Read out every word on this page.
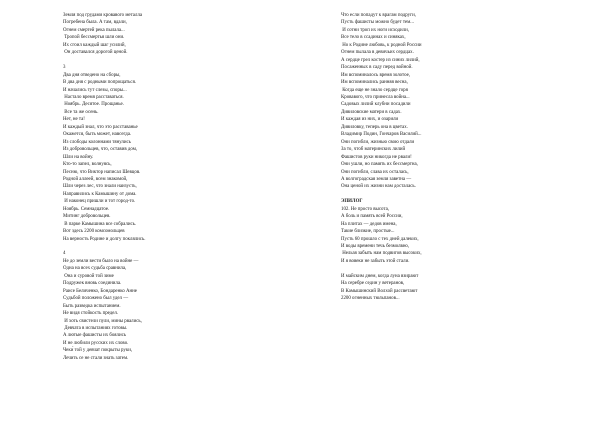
Земля под грудами кровавого металла
Погребена была. А там, вдали,
Огнем смертей река пылала...
Тропой бессмертья шли они.
Их сгоил каждый шаг усилий,
Он доставался дорогой ценой.
3
Два дня отведено на сборы,
В два дня с родными попрощаться.
И начались тут слезы, споры...
Настало время расставаться.
Ноябрь. Десятое. Прощанье.
Все та же осень.
Нет, не та!
И каждый знал, что это расставанье
Окажется, быть может, навсегда.
Из слободы колоннами тянулись
Из добровольцев, что, оставив дом,
Шли на войну.
Кто-то запел, волнуясь,
Песню, что Виктор написал Шевцов.
Родной аллеей, всем знакомой,
Шли через лес, что знали наизусть,
Направились к Камышину от дома.
И наконец пришли и тот город-то.
Ноябрь. Семнадцатое.
Митинг добровольцев.
В парке Камышина все собрались.
Вот здесь 2200 комсомольцев
На верность Родине и долгу поклялись.
4
Не до земли вести было на войне —
Одна на всех судьба сравнила,
Она и суровой той зиме
Подружек вновь соединила.
Раисе Беличенко, Бондаренко Анне
Судьбой положено был удел —
Быть разведка испытанием.
Не видя стойкость предел.
И хоть свистели пули, мины рвались,
Девчата в испытаниях готовы.
А лютые фашисты их боялись
И не любили русских их слово.
Чеки́ той у девчат покрыты руки,
Лечить се не стали знать затем.
Что если попадут к врагам подруги,
Пусть фашисты можно будет тем...
И сотни троп их ноги исходили,
Все тело в ссадинах и синяках,
Но к Родине любовь, к родной России
Огнем пылала в девичьих сердцах.
А сердце грел костер из синих лилий,
Посаженных в саду перед войной.
Им вспоминалось время золотое,
Им вспоминались ранняя весна,
Когда еще не знало сердце горя
Кровавого, что принесла война...
Садовых лилий клубни посадили
Дивиловские матери в садах.
И каждая из них, и озарили
Дивиловку, теперь она в цветах.
Владимир Подин, Гончаров Василий...
Они погибли, жизнью свою отдали
За то, чтоб материнских лилий
Фашистов руки никогда не рвали!
Они ушли, но память их бессмертна,
Они погибли, слава их осталась,
А волгоградская земля заветна —
Она ценой их жизни нам досталась.
ЭПИЛОГ
102. Не просто высота,
А боль и память всей России,
На плитах — дедов имена,
Такие близкие, простые...
Пусть 60 прошло с тех дней далеких,
И воды времени течь безмолвно,
Нельзя забыть нам подвигов высоких,
И я вовеки не забыть этой стали.
И майским днем, когда луна взирают
На серебре седин у ветеранов,
В Камышинский Волхой рассветают
2200 огненных тюльпанов...
